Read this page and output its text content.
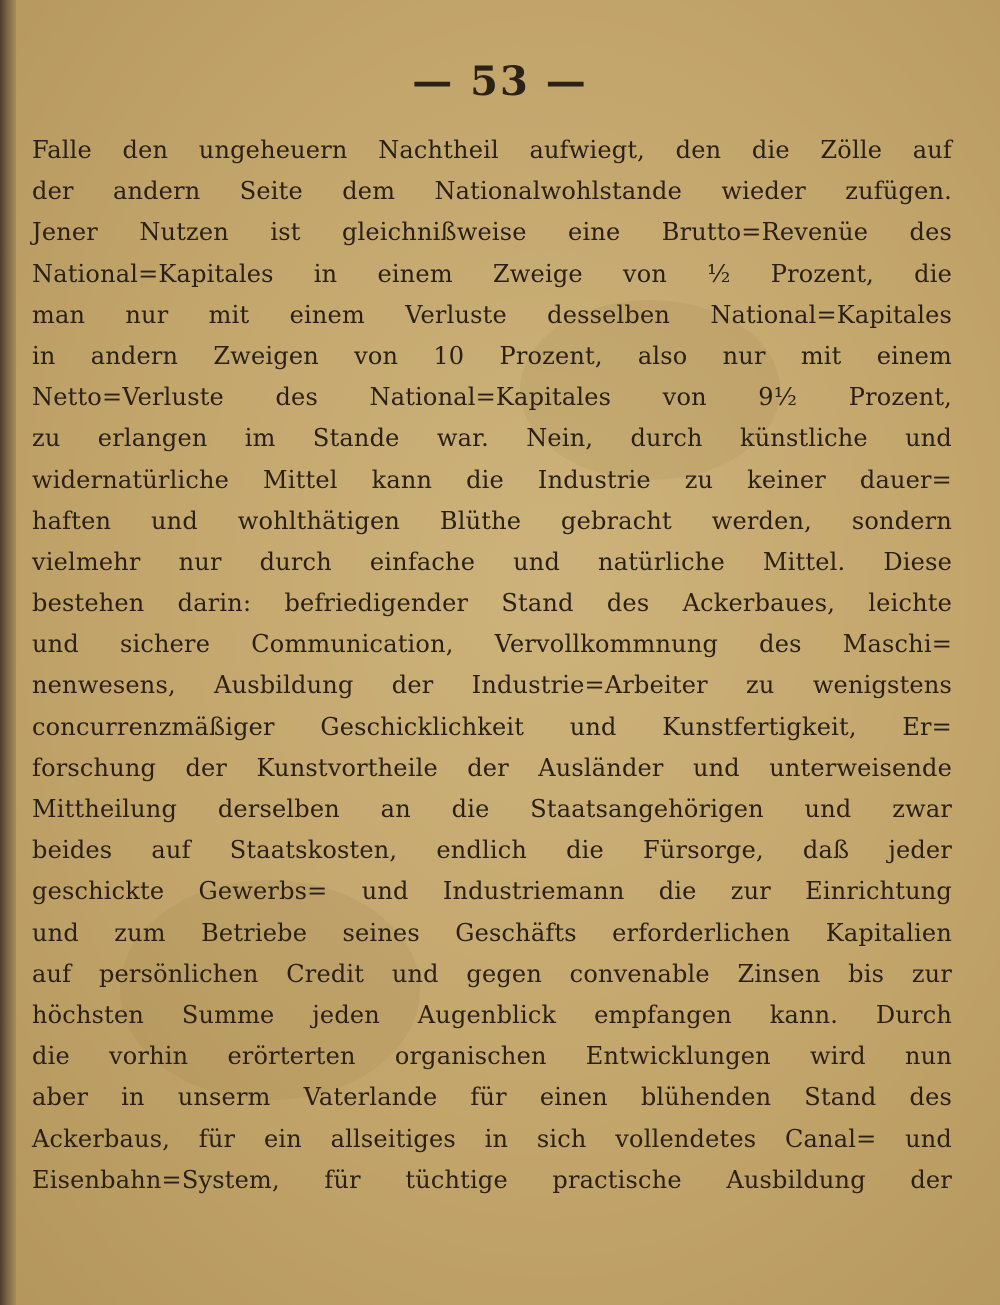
— 53 —
Falle den ungeheuern Nachtheil aufwiegt, den die Zölle auf
der andern Seite dem Nationalwohlstande wieder zufügen.
Jener Nutzen ist gleichnißweise eine Brutto=Revenüe des
National=Kapitales in einem Zweige von ½ Prozent, die
man nur mit einem Verluste desselben National=Kapitales
in andern Zweigen von 10 Prozent, also nur mit einem
Netto=Verluste des National=Kapitales von 9½ Prozent,
zu erlangen im Stande war. Nein, durch künstliche und
widernatürliche Mittel kann die Industrie zu keiner dauer=
haften und wohlthätigen Blüthe gebracht werden, sondern
vielmehr nur durch einfache und natürliche Mittel. Diese
bestehen darin: befriedigender Stand des Ackerbaues, leichte
und sichere Communication, Vervollkommnung des Maschi=
nenwesens, Ausbildung der Industrie=Arbeiter zu wenigstens
concurrenzmäßiger Geschicklichkeit und Kunstfertigkeit, Er=
forschung der Kunstvortheile der Ausländer und unterweisende
Mittheilung derselben an die Staatsangehörigen und zwar
beides auf Staatskosten, endlich die Fürsorge, daß jeder
geschickte Gewerbs= und Industriemann die zur Einrichtung
und zum Betriebe seines Geschäfts erforderlichen Kapitalien
auf persönlichen Credit und gegen convenable Zinsen bis zur
höchsten Summe jeden Augenblick empfangen kann. Durch
die vorhin erörterten organischen Entwicklungen wird nun
aber in unserm Vaterlande für einen blühenden Stand des
Ackerbaus, für ein allseitiges in sich vollendetes Canal= und
Eisenbahn=System, für tüchtige practische Ausbildung der
